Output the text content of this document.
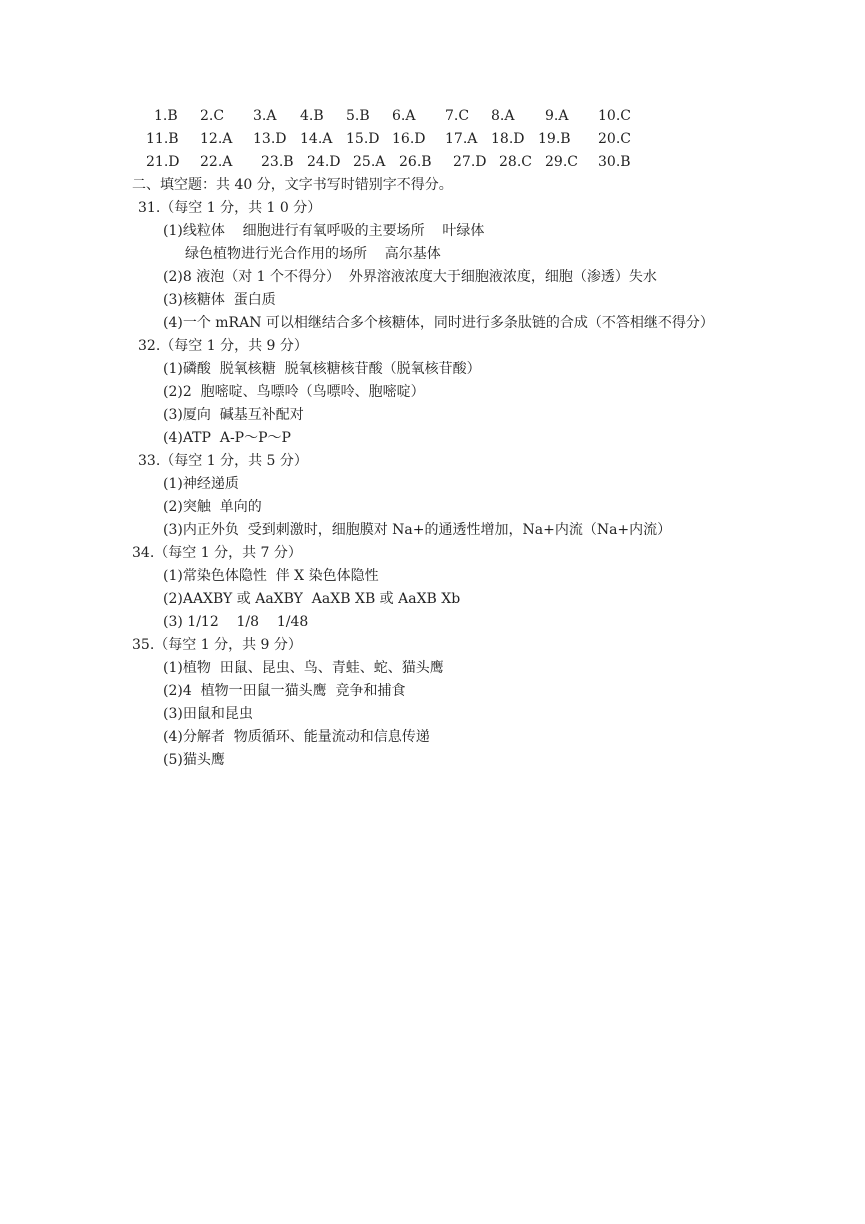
1.B 2.C 3.A 4.B 5.B 6.A 7.C 8.A 9.A 10.C
11.B 12.A 13.D 14.A 15.D 16.D 17.A 18.D 19.B 20.C
21.D 22.A 23.B 24.D 25.A 26.B 27.D 28.C 29.C 30.B
二、填空题：共 40 分，文字书写时错别字不得分。
31.（每空 1 分，共 1 0 分）
(1)线粒体    细胞进行有氧呼吸的主要场所    叶绿体
绿色植物进行光合作用的场所    高尔基体
(2)8 液泡（对 1 个不得分）  外界溶液浓度大于细胞液浓度，细胞（渗透）失水
(3)核糖体  蛋白质
(4)一个 mRAN 可以相继结合多个核糖体，同时进行多条肽链的合成（不答相继不得分）
32.（每空 1 分，共 9 分）
(1)磷酸  脱氧核糖  脱氧核糖核苷酸（脱氧核苷酸）
(2)2  胞嘧啶、鸟嘌呤（鸟嘌呤、胞嘧啶）
(3)厦向  碱基互补配对
(4)ATP  A-P～P～P
33.（每空 1 分，共 5 分）
(1)神经递质
(2)突触  单向的
(3)内正外负  受到刺激时，细胞膜对 Na+的通透性增加，Na+内流（Na+内流）
34.（每空 1 分，共 7 分）
(1)常染色体隐性  伴 X 染色体隐性
(2)AAXBY 或 AaXBY  AaXB XB 或 AaXB Xb
(3) 1/12    1/8    1/48
35.（每空 1 分，共 9 分）
(1)植物  田鼠、昆虫、鸟、青蛙、蛇、猫头鹰
(2)4  植物一田鼠一猫头鹰  竞争和捕食
(3)田鼠和昆虫
(4)分解者  物质循环、能量流动和信息传递
(5)猫头鹰
